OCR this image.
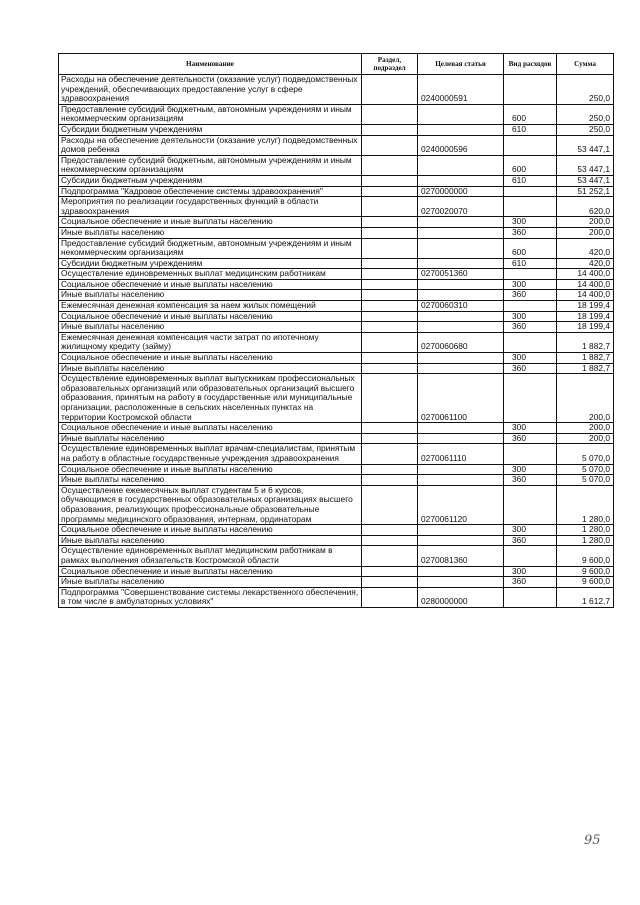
Наименование	Раздел, подраздел	Целевая статья	Вид расходов	Сумма
Расходы на обеспечение деятельности (оказание услуг) подведомственных учреждений, обеспечивающих предоставление услуг в сфере здравоохранения		0240000591		250,0
Предоставление субсидий бюджетным, автономным учреждениям и иным некоммерческим организациям			600	250,0
Субсидии бюджетным учреждениям			610	250,0
Расходы на обеспечение деятельности (оказание услуг) подведомственных домов ребенка		0240000596		53 447,1
Предоставление субсидий бюджетным, автономным учреждениям и иным некоммерческим организациям			600	53 447,1
Субсидии бюджетным учреждениям			610	53 447,1
Подпрограмма "Кадровое обеспечение системы здравоохранения"		0270000000		51 252,1
Мероприятия по реализации государственных функций в области здравоохранения		0270020070		620,0
Социальное обеспечение и иные выплаты населению			300	200,0
Иные выплаты населению			360	200,0
Предоставление субсидий бюджетным, автономным учреждениям и иным некоммерческим организациям			600	420,0
Субсидии бюджетным учреждениям			610	420,0
Осуществление единовременных выплат медицинским работникам		0270051360		14 400,0
Социальное обеспечение и иные выплаты населению			300	14 400,0
Иные выплаты населению			360	14 400,0
Ежемесячная денежная компенсация за наем жилых помещений		0270060310		18 199,4
Социальное обеспечение и иные выплаты населению			300	18 199,4
Иные выплаты населению			360	18 199,4
Ежемесячная денежная компенсация части затрат по ипотечному жилищному кредиту (займу)		0270060680		1 882,7
Социальное обеспечение и иные выплаты населению			300	1 882,7
Иные выплаты населению			360	1 882,7
Осуществление единовременных выплат выпускникам профессиональных образовательных организаций или образовательных организаций высшего образования, принятым на работу в государственные или муниципальные организации, расположенные в сельских населенных пунктах на территории Костромской области		0270061100		200,0
Социальное обеспечение и иные выплаты населению			300	200,0
Иные выплаты населению			360	200,0
Осуществление единовременных выплат врачам-специалистам, принятым на работу в областные государственные учреждения здравоохранения		0270061110		5 070,0
Социальное обеспечение и иные выплаты населению			300	5 070,0
Иные выплаты населению			360	5 070,0
Осуществление ежемесячных выплат студентам 5 и 6 курсов, обучающимся в государственных образовательных организациях высшего образования, реализующих профессиональные образовательные программы медицинского образования, интернам, ординаторам		0270061120		1 280,0
Социальное обеспечение и иные выплаты населению			300	1 280,0
Иные выплаты населению			360	1 280,0
Осуществление единовременных выплат медицинским работникам в рамках выполнения обязательств Костромской области		0270081360		9 600,0
Социальное обеспечение и иные выплаты населению			300	9 600,0
Иные выплаты населению			360	9 600,0
Подпрограмма "Совершенствование системы лекарственного обеспечения, в том числе в амбулаторных условиях"		0280000000		1 612,7
95
